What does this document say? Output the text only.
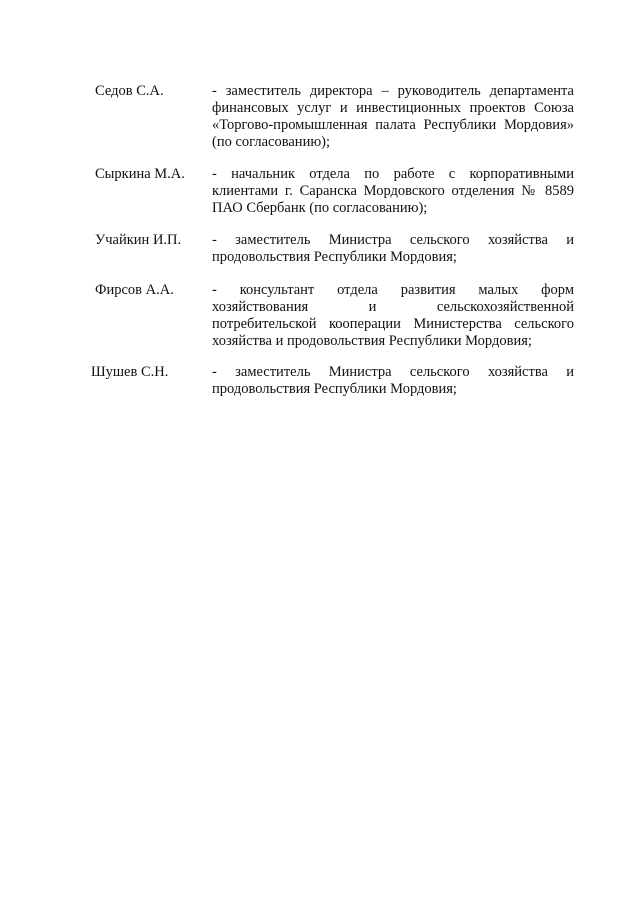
Седов С.А.	- заместитель директора – руководитель департамента
финансовых услуг и инвестиционных проектов Союза
«Торгово-промышленная палата Республики Мордовия»
(по согласованию);
Сыркина М.А. - начальник отдела по работе с корпоративными
клиентами г. Саранска Мордовского отделения № 8589
ПАО Сбербанк (по согласованию);
Учайкин И.П. - заместитель Министра сельского хозяйства и
продовольствия Республики Мордовия;
Фирсов А.А.	- консультант отдела развития малых форм
хозяйствования и сельскохозяйственной
потребительской кооперации Министерства сельского
хозяйства и продовольствия Республики Мордовия;
Шушев С.Н.	- заместитель Министра сельского хозяйства и
продовольствия Республики Мордовия;
